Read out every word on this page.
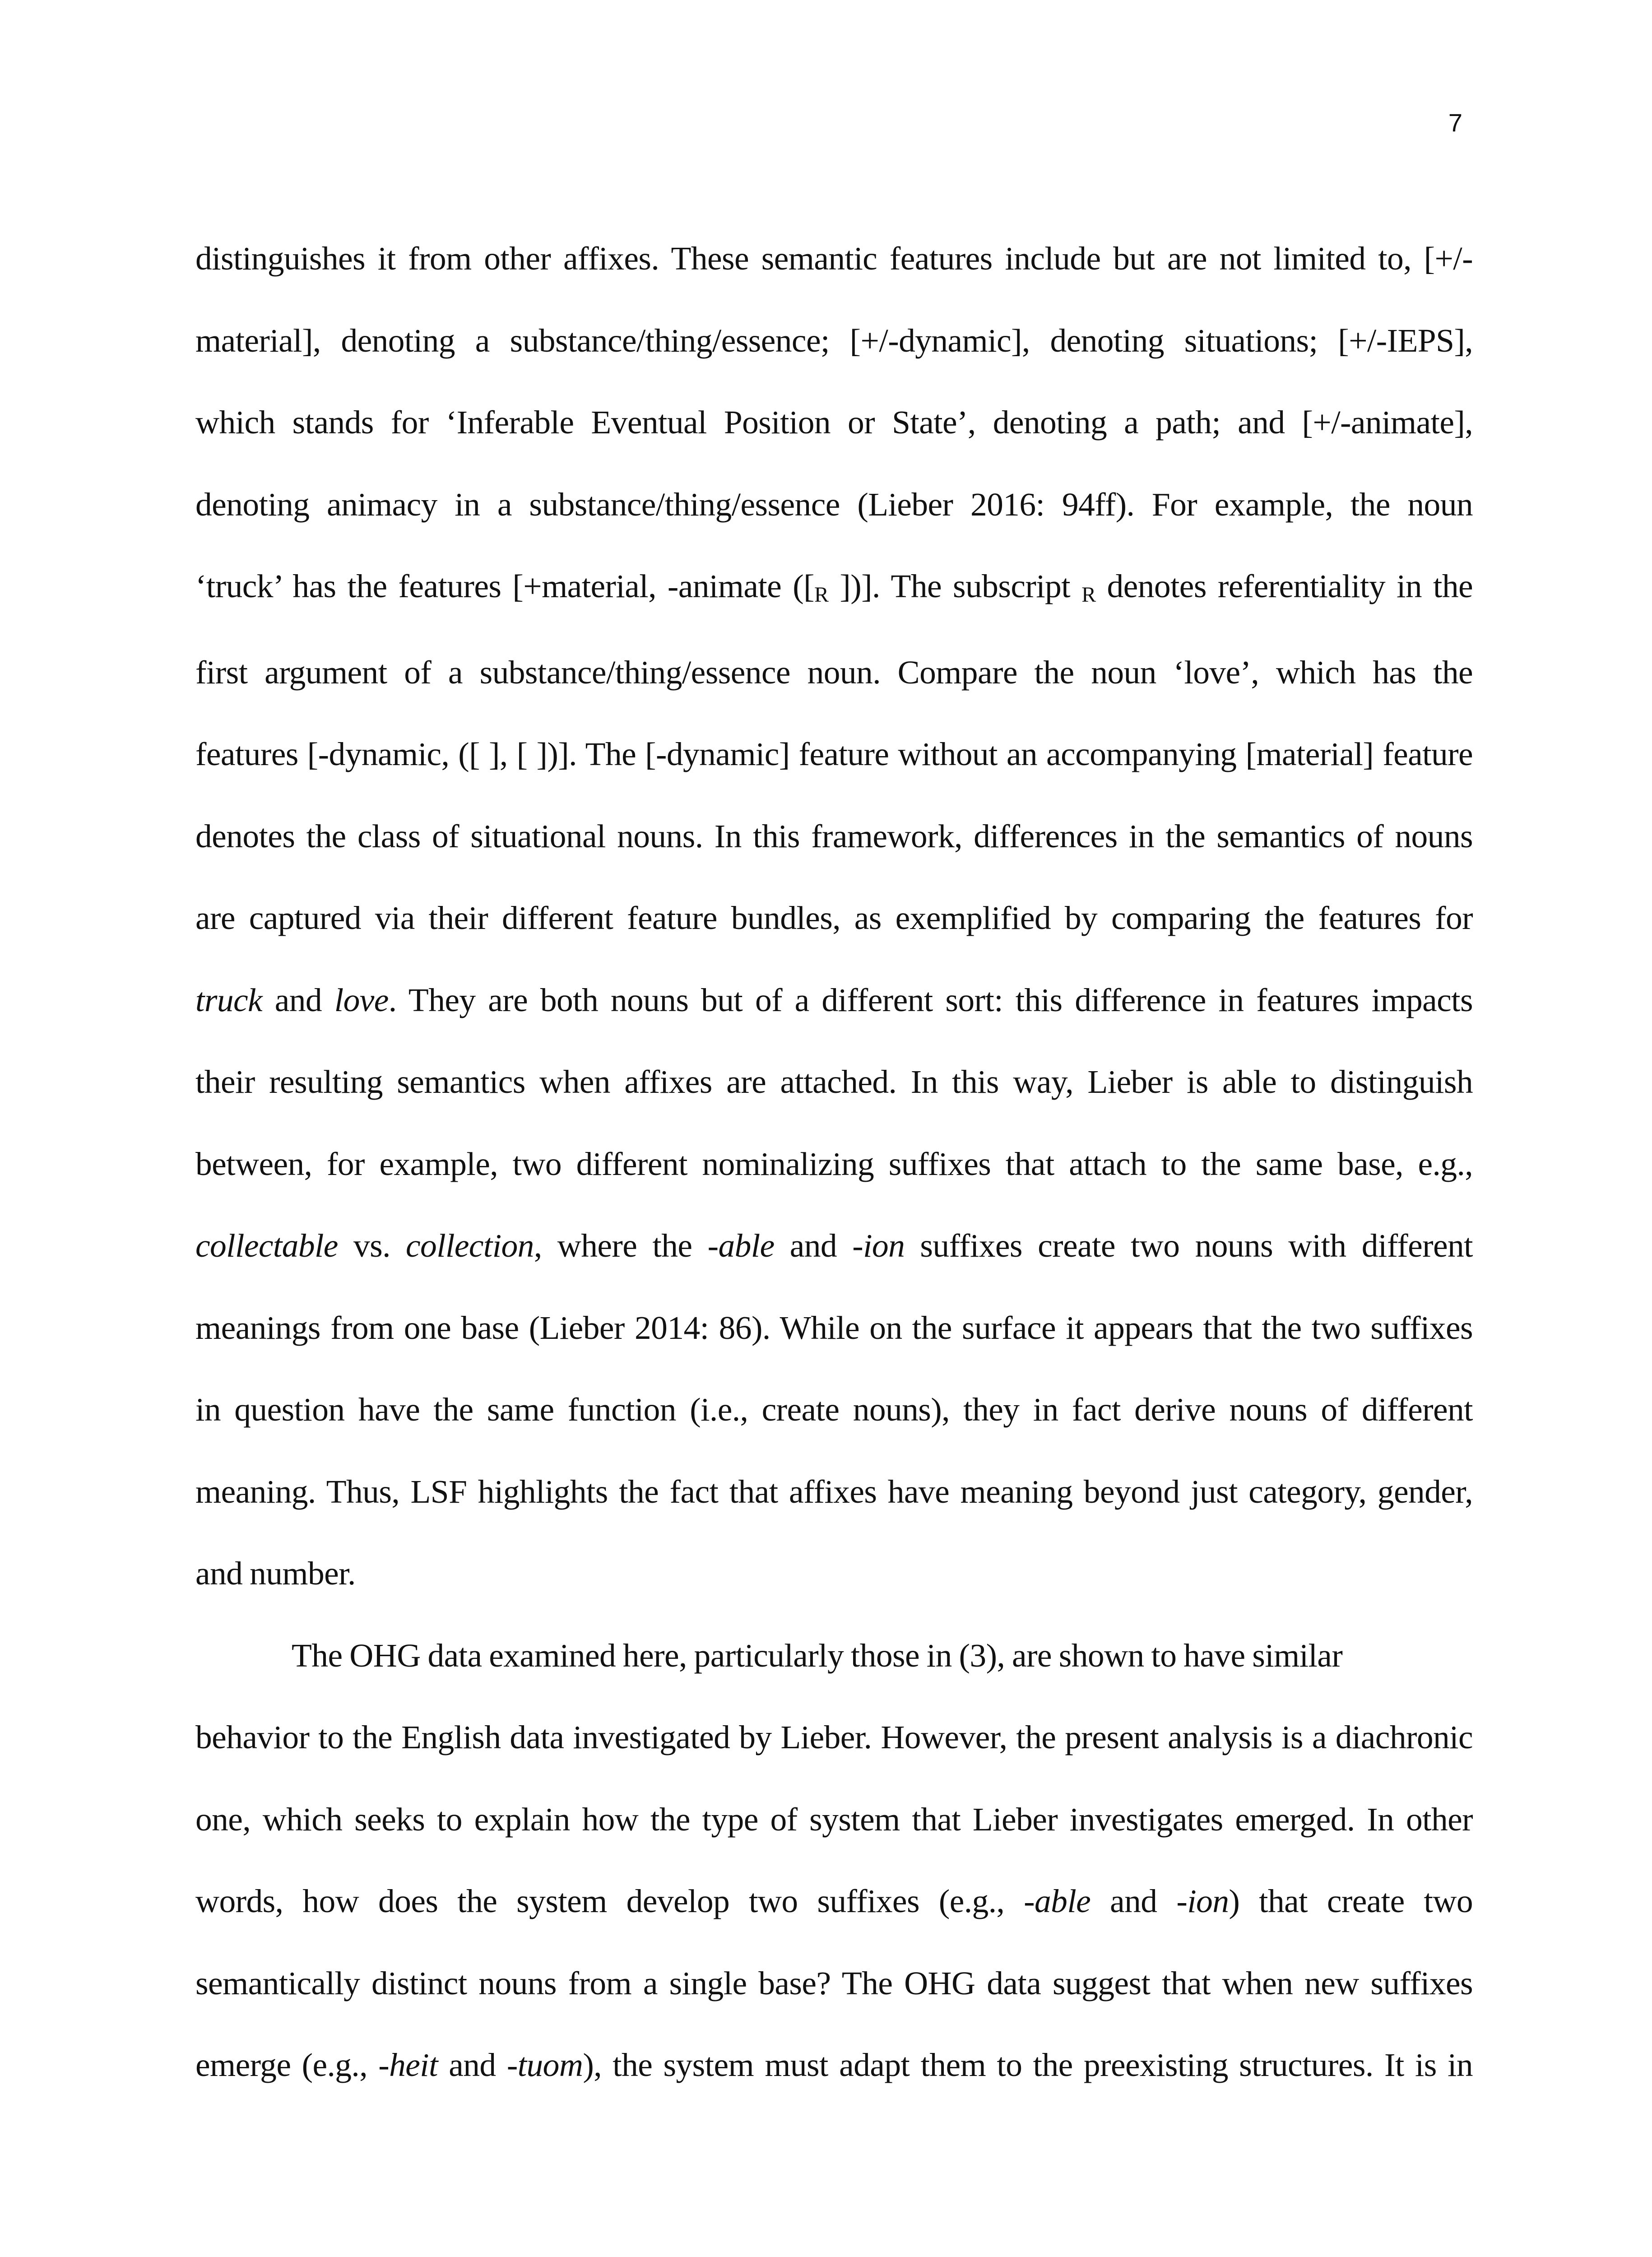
7

distinguishes it from other affixes. These semantic features include but are not limited to, [+/-
material], denoting a substance/thing/essence; [+/-dynamic], denoting situations; [+/-IEPS],
which stands for ‘Inferable Eventual Position or State’, denoting a path; and [+/-animate],
denoting animacy in a substance/thing/essence (Lieber 2016: 94ff). For example, the noun
‘truck’ has the features [+material, -animate ([R ])]. The subscript R denotes referentiality in the
first argument of a substance/thing/essence noun. Compare the noun ‘love’, which has the
features [-dynamic, ([ ], [ ])]. The [-dynamic] feature without an accompanying [material] feature
denotes the class of situational nouns. In this framework, differences in the semantics of nouns
are captured via their different feature bundles, as exemplified by comparing the features for
truck and love. They are both nouns but of a different sort: this difference in features impacts
their resulting semantics when affixes are attached. In this way, Lieber is able to distinguish
between, for example, two different nominalizing suffixes that attach to the same base, e.g.,
collectable vs. collection, where the -able and -ion suffixes create two nouns with different
meanings from one base (Lieber 2014: 86). While on the surface it appears that the two suffixes
in question have the same function (i.e., create nouns), they in fact derive nouns of different
meaning. Thus, LSF highlights the fact that affixes have meaning beyond just category, gender,
and number.

The OHG data examined here, particularly those in (3), are shown to have similar
behavior to the English data investigated by Lieber. However, the present analysis is a diachronic
one, which seeks to explain how the type of system that Lieber investigates emerged. In other
words, how does the system develop two suffixes (e.g., -able and -ion) that create two
semantically distinct nouns from a single base? The OHG data suggest that when new suffixes
emerge (e.g., -heit and -tuom), the system must adapt them to the preexisting structures. It is in
